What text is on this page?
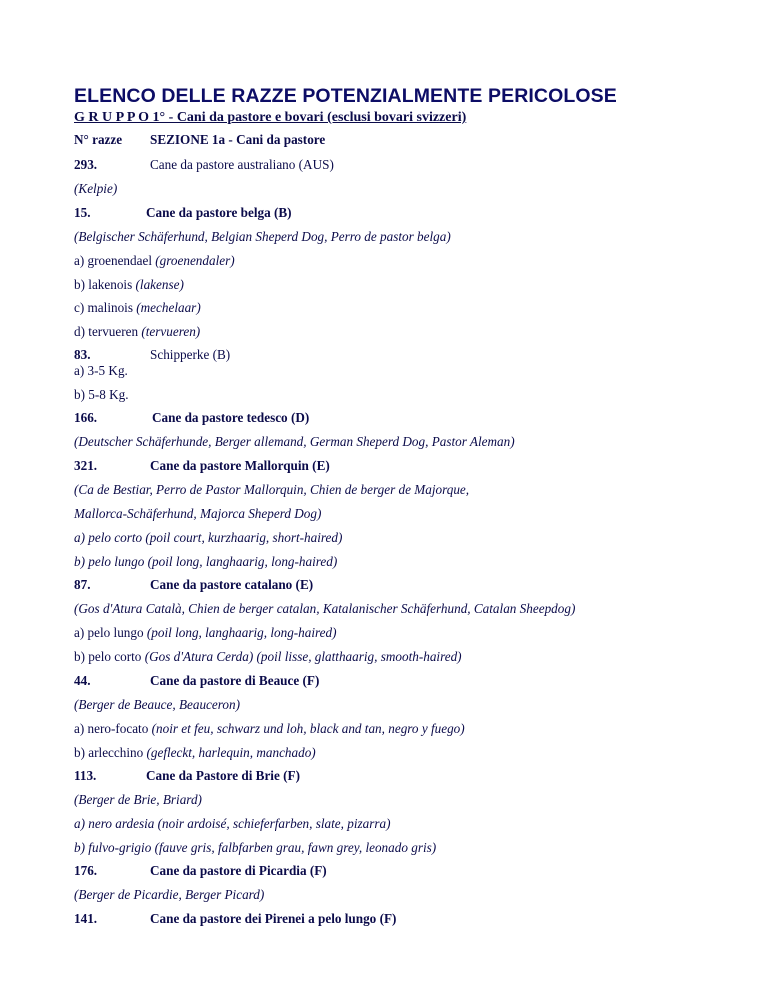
ELENCO DELLE RAZZE POTENZIALMENTE PERICOLOSE
G R U P P O 1° - Cani da pastore e bovari (esclusi bovari svizzeri)
N° razze SEZIONE 1a - Cani da pastore
293.	Cane da pastore australiano (AUS)
(Kelpie)
15.	Cane da pastore belga (B)
(Belgischer Schäferhund, Belgian Sheperd Dog, Perro de pastor belga)
a) groenendael (groenendaler)
b) lakenois (lakense)
c) malinois (mechelaar)
d) tervueren (tervueren)
83.	Schipperke (B)
a) 3-5 Kg.
b) 5-8 Kg.
166.	Cane da pastore tedesco (D)
(Deutscher Schäferhunde, Berger allemand, German Sheperd Dog, Pastor Aleman)
321.	Cane da pastore Mallorquin (E)
(Ca de Bestiar, Perro de Pastor Mallorquin, Chien de berger de Majorque,
Mallorca-Schäferhund, Majorca Sheperd Dog)
a) pelo corto (poil court, kurzhaarig, short-haired)
b) pelo lungo (poil long, langhaarig, long-haired)
87.	Cane da pastore catalano (E)
(Gos d'Atura Català, Chien de berger catalan, Katalanischer Schäferhund, Catalan Sheepdog)
a) pelo lungo (poil long, langhaarig, long-haired)
b) pelo corto (Gos d'Atura Cerda) (poil lisse, glatthaarig, smooth-haired)
44.	Cane da pastore di Beauce (F)
(Berger de Beauce, Beauceron)
a) nero-focato (noir et feu, schwarz und loh, black and tan, negro y fuego)
b) arlecchino (gefleckt, harlequin, manchado)
113.	Cane da Pastore di Brie (F)
(Berger de Brie, Briard)
a) nero ardesia (noir ardoisé, schieferfarben, slate, pizarra)
b) fulvo-grigio (fauve gris, falbfarben grau, fawn grey, leonado gris)
176.	Cane da pastore di Picardia (F)
(Berger de Picardie, Berger Picard)
141.	Cane da pastore dei Pirenei a pelo lungo (F)
